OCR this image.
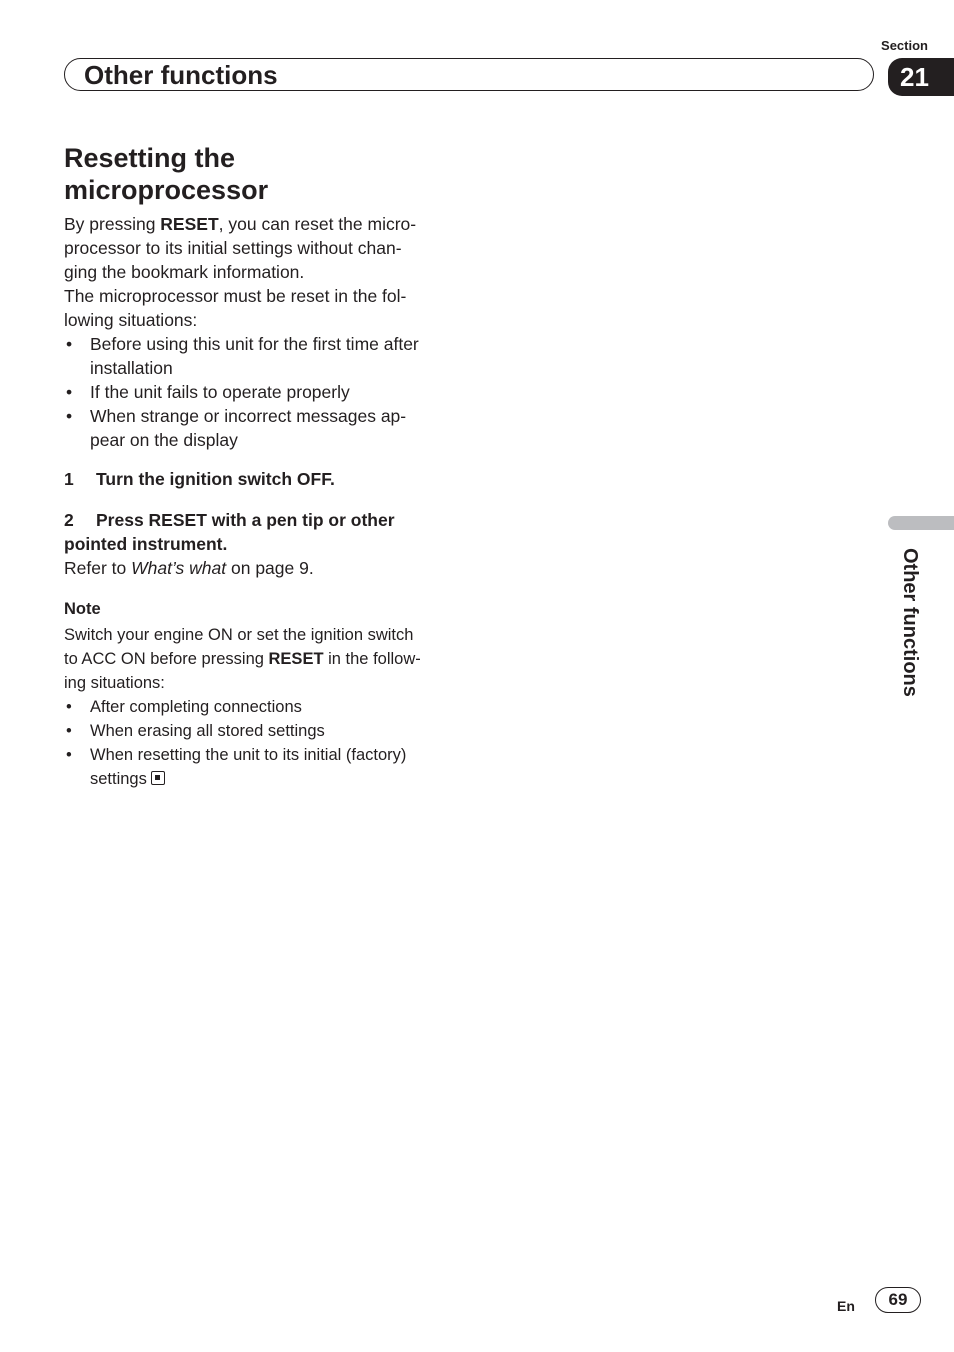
Section
Other functions	21
Resetting the
microprocessor

By pressing RESET, you can reset the micro-
processor to its initial settings without chan-
ging the bookmark information.
The microprocessor must be reset in the fol-
lowing situations:

• Before using this unit for the first time after
installation
• If the unit fails to operate properly
• When strange or incorrect messages ap-
pear on the display
1 Turn the ignition switch OFF.
2 Press RESET with a pen tip or other
pointed instrument.
Refer to What’s what on page 9.
Note
Switch your engine ON or set the ignition switch
to ACC ON before pressing RESET in the follow-
ing situations:
• After completing connections
• When erasing all stored settings
• When resetting the unit to its initial (factory)
settings
Other functions
En	69
